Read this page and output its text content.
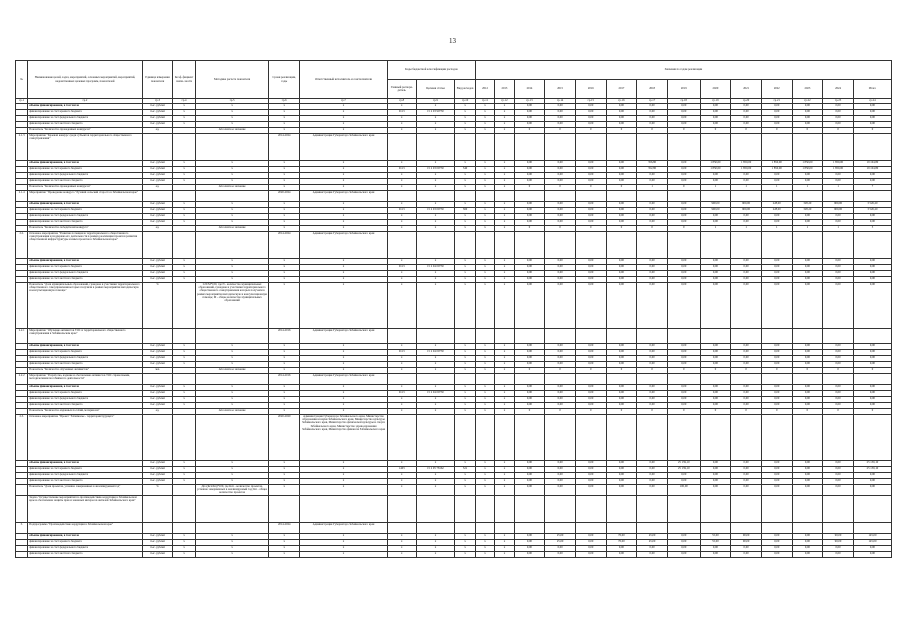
13
№	Наименование целей, задач, мероприятий, основных мероприятий, мероприятий, ведомственных целевых программ, показателей	Единица измерения показателя	Коэф. фициент значи- мости	Методика расчета показателя	Сроки реализации, годы	Ответственный исполнитель и соисполнители	Коды бюджетной классификации расходов			Значения по годам реализации													
							Главный распоря- дитель	Целевая статья	Вид расходов	2012	2013	2014	2015	2016	2017	2018	2019	2020	2021	2022	2023	2024	Итого
гр.1	гр.2	гр.3	гр.4	гр.5	гр.6	гр.7	гр.8	гр.9	гр.10	гр.11	гр.12	гр.13	гр.14	гр.15	гр.16	гр.17	гр.18	гр.19	гр.20	гр.21	гр.22	гр.23	гр.24
	объемы финансирования, в том числе	тыс. рублей	x	x	x	x	x	x	x	x	x	0,00	0,00	0,00	0,00	0,00	0,00	0,00	0,00	0,00	0,00	0,00	0,00
	финансирование за счет краевого бюджета	тыс. рублей	x	x	x	x	0113	15 2 03 90750	x	x	x	0,00	0,00	0,00	0,00	0,00	0,00	0,00	0,00	0,00	0,00	0,00	0,00
	финансирование за счет федерального бюджета	тыс. рублей	x	x	x	x	x	x	x	x	x	0,00	0,00	0,00	0,00	0,00	0,00	0,00	0,00	0,00	0,00	0,00	0,00
	финансирование за счет местного бюджета	тыс. рублей	x	x	x	x	x	x	x	x	x	0,00	0,00	0,00	0,00	0,00	0,00	0,00	0,00	0,00	0,00	0,00	0,00
	Показатель "Количество проведенных конкурсов"	ед.		Абсолютное значение	x	x	x	x	x	x	x	0	0	0	0	0	0	0	0	0	0	0	0
2.1.3	Мероприятие "Краевой конкурс среди субъектов территориального общественного самоуправления"				2014-2024	Администрация Губернатора Забайкальского края																	
	объемы финансирования, в том числе	тыс. рублей	x	x	x	x	x	x	x	x	x	0,00	0,00	0,00	0,00	356,80	0,00	1 850,00	1 850,00	1 850,00	1 850,00	1 850,00	19 104,80
	финансирование за счет краевого бюджета	тыс. рублей	x	x	x	x	0113	15 2 03 09730	540	x	x	0,00	0,00	0,00	0,00	352,80	0,00	1 850,00	1 850,00	1 850,00	1 850,00	1 850,00	19 104,80
	финансирование за счет федерального бюджета	тыс. рублей	x	x	x	x	x	x	x	x	x	0,00	0,00	0,00	0,00	0,00	0,00	0,00	0,00	0,00	0,00	0,00	0,00
	финансирование за счет местного бюджета	тыс. рублей	x	x	x	x	x	x	x	x	x	0,00	0,00	0,00	0,00	0,00	0,00	0,00	0,00	0,00	0,00	0,00	0,00
	Показатель "Количество проведенных конкурсов"	ед.		Абсолютное значение	x	x	x	x	x	x	x	0	0	0	0	1	0	1	1	1	1	1	7
2.1.4	Мероприятие "Проведение конкурса "Лучший сельский староста в Забайкальском крае"				2020-2024	Администрация Губернатора Забайкальского края																	
	объемы финансирования, в том числе	тыс. рублей	x	x	x	x	x	x	x	x	x	0,00	0,00	0,00	0,00	0,00	0,00	900,00	900,00	228,00	328,20	900,00	3 526,20
	финансирование за счет краевого бюджета	тыс. рублей	x	x	x	x	0113	15 2 03 09730	360	x	x	0,00	0,00	0,00	0,00	0,00	0,00	900,00	900,00	228,00	328,20	900,00	3 526,20
	финансирование за счет федерального бюджета	тыс. рублей	x	x	x	x	x	x	x	x	x	0,00	0,00	0,00	0,00	0,00	0,00	0,00	0,00	0,00	0,00	0,00	0,00
	финансирование за счет местного бюджета	тыс. рублей	x	x	x	x	x	x	x	x	x	0,00	0,00	0,00	0,00	0,00	0,00	0,00	0,00	0,00	0,00	0,00	0,00
	Показатель "Количество победителей конкурса"	ед.		Абсолютное значение	x	x	x	x	x	x	x	0	0	0	0	0	0	1	1	1	1	1	5
2.2.	Основное мероприятие "Развитие потенциала территориального общественного самоуправления и поддержка его деятельности в рамках реализации проектов развития общественной инфраструктуры и иных проектов в Забайкальском крае"				2014-2024	Администрация Губернатора Забайкальского края																	
	объемы финансирования, в том числе	тыс. рублей	x	x	x	x	x	x	x	x	x	0,00	0,00	0,00	0,00	0,00	0,00	0,00	0,00	0,00	0,00	0,00	0,00
	финансирование за счет краевого бюджета	тыс. рублей	x	x	x	x	0113	15 2 04 09730	x	x	x	0,00	0,00	0,00	0,00	0,00	0,00	0,00	0,00	0,00	0,00	0,00	0,00
	финансирование за счет федерального бюджета	тыс. рублей	x	x	x	x	x	x	x	x	x	0,00	0,00	0,00	0,00	0,00	0,00	0,00	0,00	0,00	0,00	0,00	0,00
	финансирование за счет местного бюджета	тыс. рублей	x	x	x	x	x	x	x	x	x	0,00	0,00	0,00	0,00	0,00	0,00	0,00	0,00	0,00	0,00	0,00	0,00
	Показатель "Доля муниципальных образований, граждане и участники территориального общественного самоуправления которых получили в рамках мероприятия методическую и консультационную помощь"	%		I=N/M*100, где N - количество муниципальных образований, граждане и участники территориального общественного самоуправления которых получили в рамках мероприятия методическую и консультационную помощь; M - общее количество муниципальных образований	x	x	x	x	x	x	x	0,00	0,00	0,00	0,00	0,00	0,00	0,00	0,00	0,00	0,00	0,00	0,00
2.2.1	Мероприятие "Обучение активистов ТОС и территориального общественного самоуправления в Забайкальском крае"				2014-2016	Администрация Губернатора Забайкальского края																	
	объемы финансирования, в том числе	тыс. рублей	x	x	x	x	x	x	x	x	x	0,00	0,00	0,00	0,00	0,00	0,00	0,00	0,00	0,00	0,00	0,00	0,00
	финансирование за счет краевого бюджета	тыс. рублей	x	x	x	x	0113	15 2 04 09730	x	x	x	0,00	0,00	0,00	0,00	0,00	0,00	0,00	0,00	0,00	0,00	0,00	0,00
	финансирование за счет федерального бюджета	тыс. рублей	x	x	x	x	x	x	x	x	x	0,00	0,00	0,00	0,00	0,00	0,00	0,00	0,00	0,00	0,00	0,00	0,00
	финансирование за счет местного бюджета	тыс. рублей	x	x	x	x	x	x	x	x	x	0,00	0,00	0,00	0,00	0,00	0,00	0,00	0,00	0,00	0,00	0,00	0,00
	Показатель "Количество обученных активистов"	чел.		Абсолютное значение	x	x	x	x	x	x	x	0	0	0	0	0	0	0	0	0	0	0	0
2.2.2	Мероприятие "Разработка, издание и обеспечение активистов ТОС справочными, методическими пособиями по деятельности"				2014-2016	Администрация Губернатора Забайкальского края																	
	объемы финансирования, в том числе	тыс. рублей	x	x	x	x	x	x	x	x	x	0,00	0,00	0,00	0,00	0,00	0,00	0,00	0,00	0,00	0,00	0,00	0,00
	финансирование за счет краевого бюджета	тыс. рублей	x	x	x	x	0113	15 2 04 09730	x	x	x	0,00	0,00	0,00	0,00	0,00	0,00	0,00	0,00	0,00	0,00	0,00	0,00
	финансирование за счет федерального бюджета	тыс. рублей	x	x	x	x	x	x	x	x	x	0,00	0,00	0,00	0,00	0,00	0,00	0,00	0,00	0,00	0,00	0,00	0,00
	финансирование за счет местного бюджета	тыс. рублей	x	x	x	x	x	x	x	x	x	0,00	0,00	0,00	0,00	0,00	0,00	0,00	0,00	0,00	0,00	0,00	0,00
	Показатель "Количество изданных пособий, материалов"	ед.		Абсолютное значение	x	x	x	x	x	x	x	0	0	0	0	0	0	0	0	0	0	0	0
2.3.	Основное мероприятие "Проект "Забайкалье - территория будущего"				2020-2020	Администрация Губернатора Забайкальского края, Министерство образования и науки Забайкальского края, Министерство культуры Забайкальского края, Министерство физической культуры и спорта Забайкальского края, Министерство здравоохранения Забайкальского края, Министерство финансов Забайкальского края																	
	объемы финансирования, в том числе	тыс. рублей	x	x	x	x	x	x	x	x	x	0,00	0,00	0,00	0,00	0,00	25 139,10	0,00	0,00	0,00	0,00	0,00	25 139,10
	финансирование за счет краевого бюджета	тыс. рублей	x	x	x	x	1403	15 2 05 78162	521	x	x	0,00	0,00	0,00	0,00	0,00	25 139,10	0,00	0,00	0,00	0,00	0,00	25 139,10
	финансирование за счет федерального бюджета	тыс. рублей	x	x	x	x	x	x	x	x	x	0,00	0,00	0,00	0,00	0,00	0,00	0,00	0,00	0,00	0,00	0,00	0,00
	финансирование за счет местного бюджета	тыс. рублей	x	x	x	x	x	x	x	x	x	0,00	0,00	0,00	0,00	0,00	0,00	0,00	0,00	0,00	0,00	0,00	0,00
	Показатель "Доля проектов, успешно завершенных в анализируемый год"	%		Дп=(Ксп/Кп)*100, где Ксп - количество проектов, успешно завершенных в анализируемый год; Кп - общее количество проектов	x	x	x	x	x	x	x	0,00	0,00	0,00	0,00	0,00	100,00	0,00	0,00	0,00	0,00	0,00	0,00
	Задача "Осуществление мероприятий по противодействию коррупции в Забайкальском крае и обеспечение защиты прав и законных интересов жителей Забайкальского края"																						
3.	Подпрограмма "Противодействие коррупции в Забайкальском крае"				2014-2024	Администрация Губернатора Забайкальского края																	
	объемы финансирования, в том числе	тыс. рублей	x	x	x	x	x	x	x	x	x	0,00	25,00	0,00	70,00	45,00	0,00	55,00	90,00	0,00	0,00	90,00	145,00
	финансирование за счет краевого бюджета	тыс. рублей	x	x	x	x	x	x	x	x	x	0,00	25,00	0,00	70,00	45,00	0,00	55,00	90,00	0,00	0,00	90,00	145,00
	финансирование за счет федерального бюджета	тыс. рублей	x	x	x	x	x	x	x	x	x	0,00	0,00	0,00	0,00	0,00	0,00	0,00	0,00	0,00	0,00	0,00	0,00
	финансирование за счет местного бюджета	тыс. рублей	x	x	x	x	x	x	x	x	x	0,00	0,00	0,00	0,00	0,00	0,00	0,00	0,00	0,00	0,00	0,00	0,00
